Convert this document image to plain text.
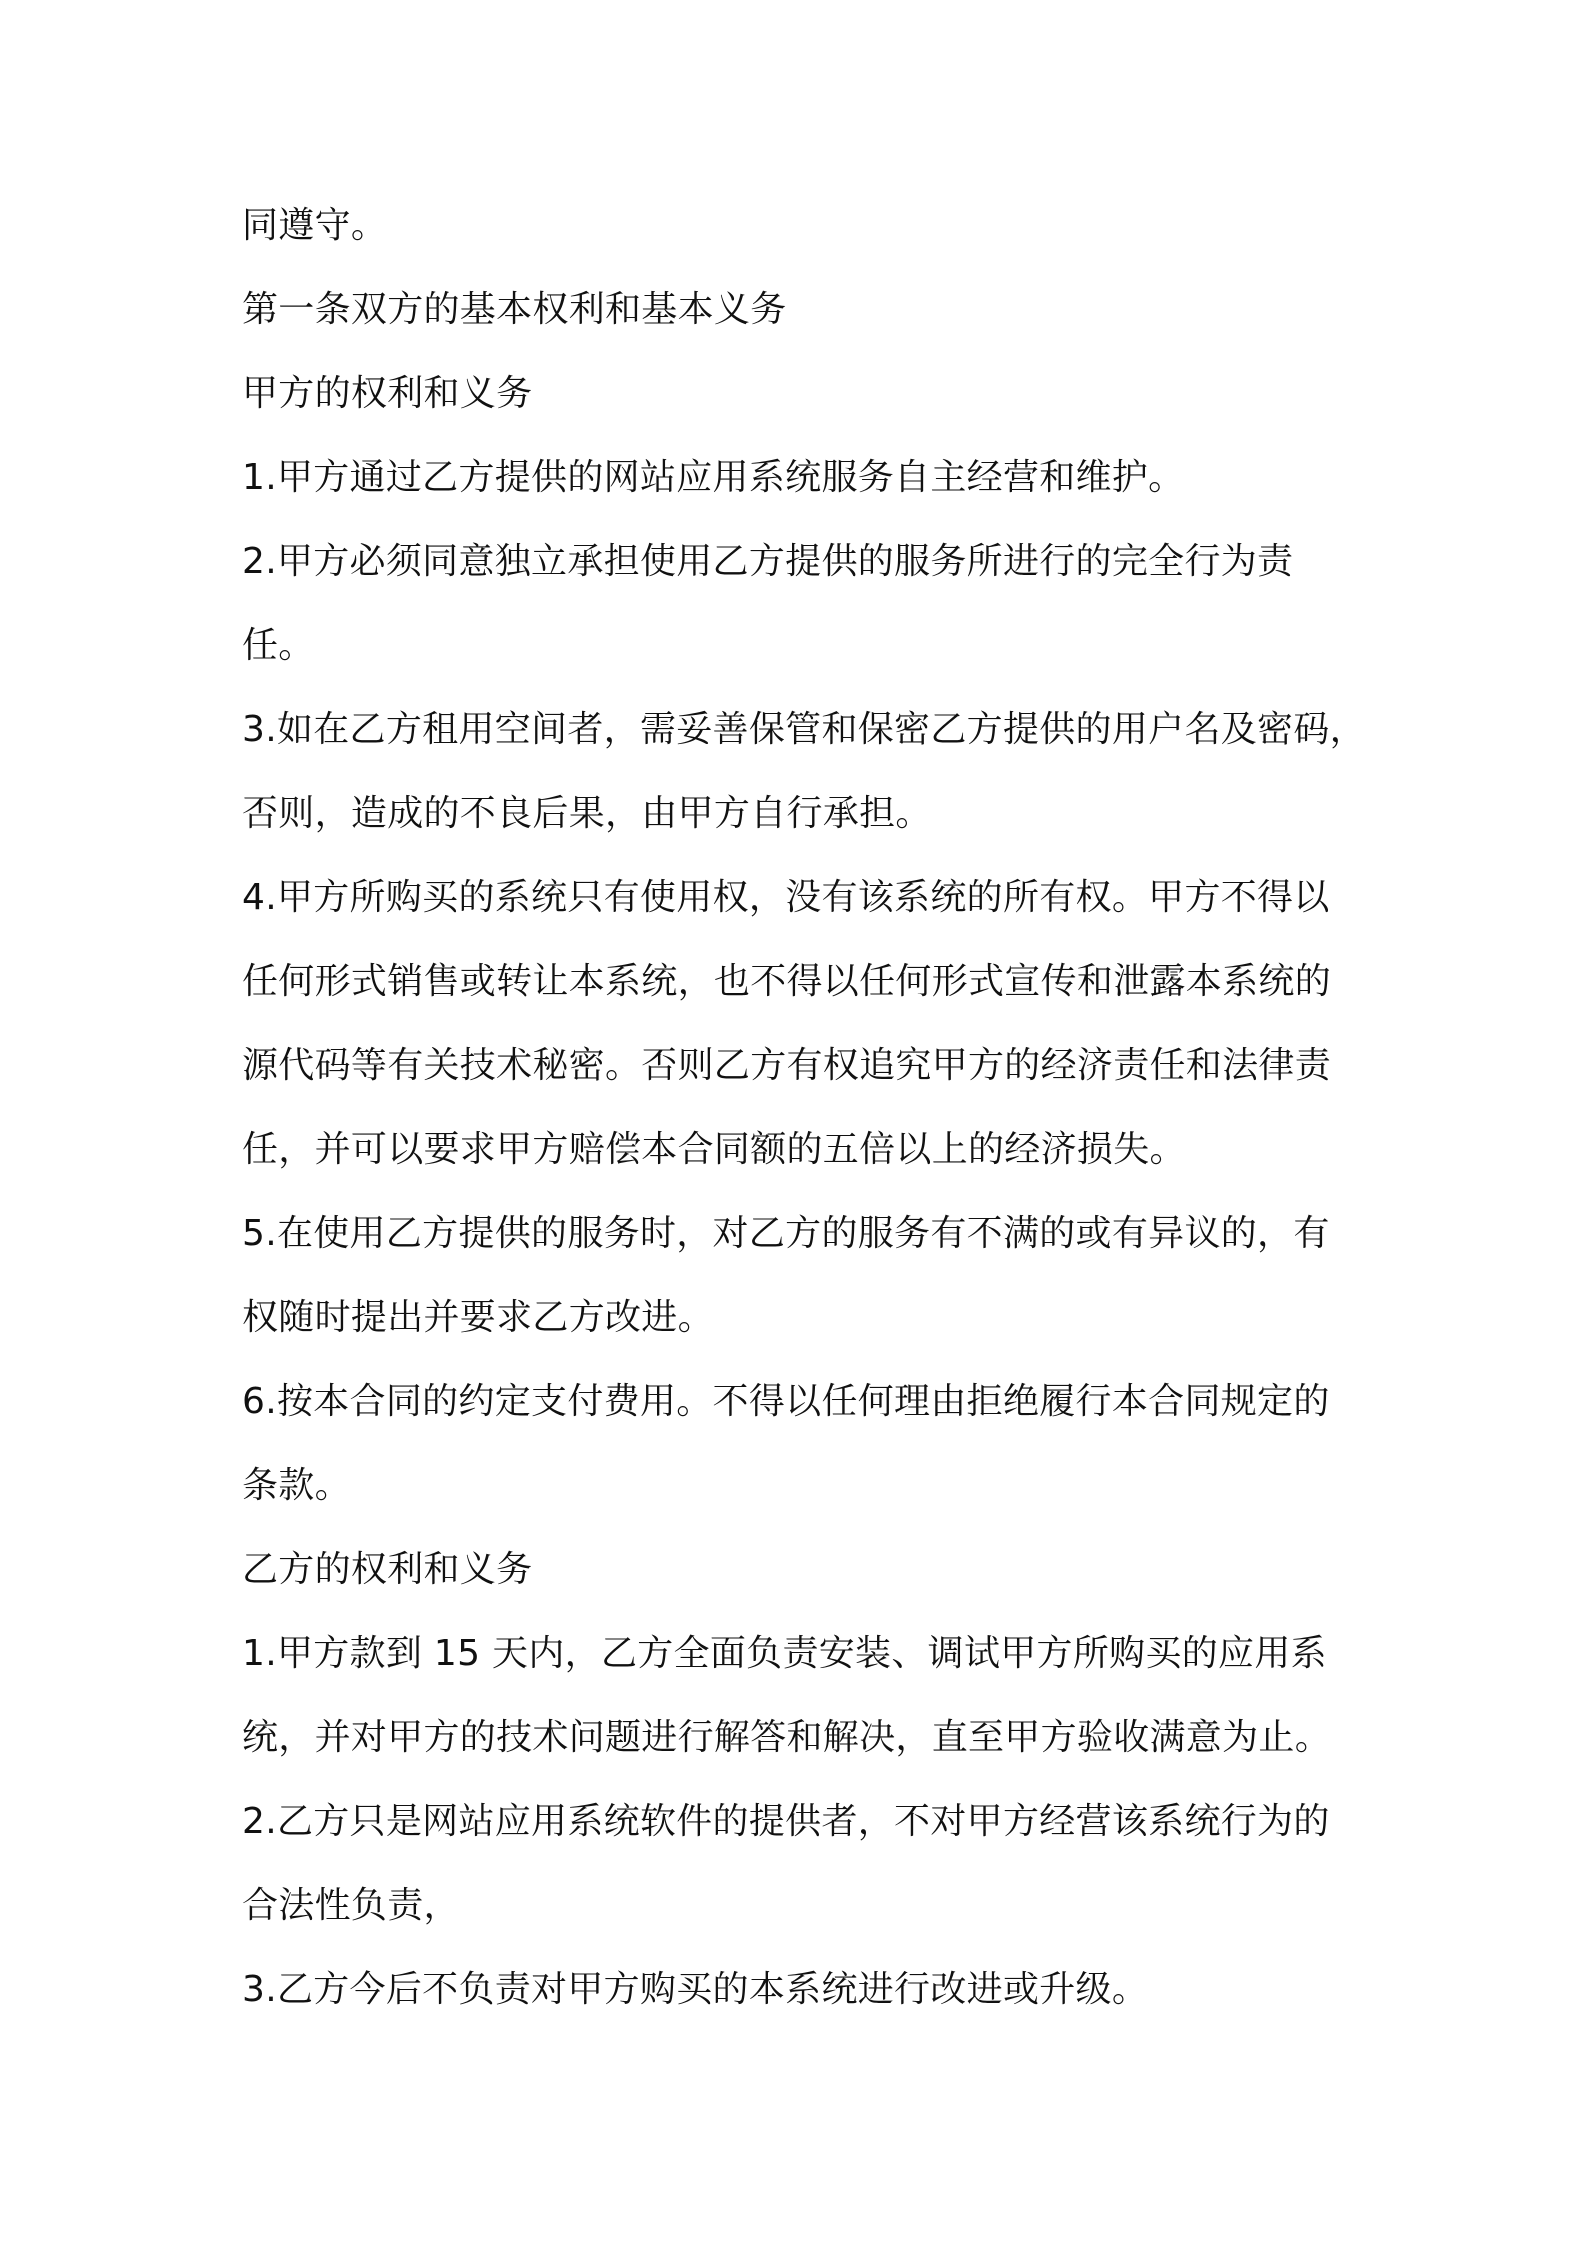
同遵守。
第一条双方的基本权利和基本义务
甲方的权利和义务
1.甲方通过乙方提供的网站应用系统服务自主经营和维护。
2.甲方必须同意独立承担使用乙方提供的服务所进行的完全行为责
任。
3.如在乙方租用空间者，需妥善保管和保密乙方提供的用户名及密码，
否则，造成的不良后果，由甲方自行承担。
4.甲方所购买的系统只有使用权，没有该系统的所有权。甲方不得以
任何形式销售或转让本系统，也不得以任何形式宣传和泄露本系统的
源代码等有关技术秘密。否则乙方有权追究甲方的经济责任和法律责
任，并可以要求甲方赔偿本合同额的五倍以上的经济损失。
5.在使用乙方提供的服务时，对乙方的服务有不满的或有异议的，有
权随时提出并要求乙方改进。
6.按本合同的约定支付费用。不得以任何理由拒绝履行本合同规定的
条款。
乙方的权利和义务
1.甲方款到 15 天内，乙方全面负责安装、调试甲方所购买的应用系
统，并对甲方的技术问题进行解答和解决，直至甲方验收满意为止。
2.乙方只是网站应用系统软件的提供者，不对甲方经营该系统行为的
合法性负责，
3.乙方今后不负责对甲方购买的本系统进行改进或升级。
